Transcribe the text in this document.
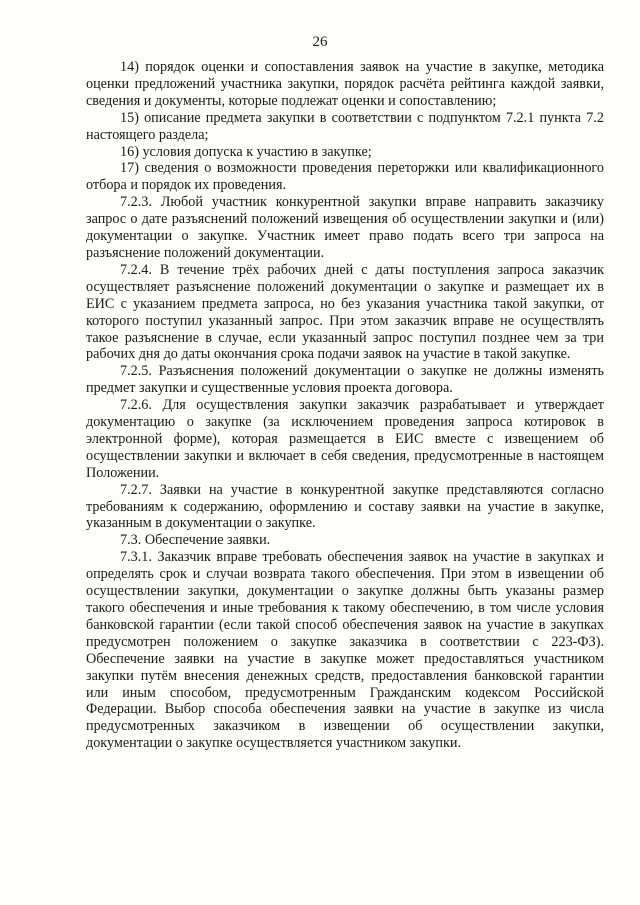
26

14) порядок оценки и сопоставления заявок на участие в закупке, методика оценки предложений участника закупки, порядок расчёта рейтинга каждой заявки, сведения и документы, которые подлежат оценки и сопоставлению;

15) описание предмета закупки в соответствии с подпунктом 7.2.1 пункта 7.2 настоящего раздела;

16) условия допуска к участию в закупке;

17) сведения о возможности проведения переторжки или квалификационного отбора и порядок их проведения.

7.2.3. Любой участник конкурентной закупки вправе направить заказчику запрос о дате разъяснений положений извещения об осуществлении закупки и (или) документации о закупке. Участник имеет право подать всего три запроса на разъяснение положений документации.

7.2.4. В течение трёх рабочих дней с даты поступления запроса заказчик осуществляет разъяснение положений документации о закупке и размещает их в ЕИС с указанием предмета запроса, но без указания участника такой закупки, от которого поступил указанный запрос. При этом заказчик вправе не осуществлять такое разъяснение в случае, если указанный запрос поступил позднее чем за три рабочих дня до даты окончания срока подачи заявок на участие в такой закупке.

7.2.5. Разъяснения положений документации о закупке не должны изменять предмет закупки и существенные условия проекта договора.

7.2.6. Для осуществления закупки заказчик разрабатывает и утверждает документацию о закупке (за исключением проведения запроса котировок в электронной форме), которая размещается в ЕИС вместе с извещением об осуществлении закупки и включает в себя сведения, предусмотренные в настоящем Положении.

7.2.7. Заявки на участие в конкурентной закупке представляются согласно требованиям к содержанию, оформлению и составу заявки на участие в закупке, указанным в документации о закупке.

7.3. Обеспечение заявки.

7.3.1. Заказчик вправе требовать обеспечения заявок на участие в закупках и определять срок и случаи возврата такого обеспечения. При этом в извещении об осуществлении закупки, документации о закупке должны быть указаны размер такого обеспечения и иные требования к такому обеспечению, в том числе условия банковской гарантии (если такой способ обеспечения заявок на участие в закупках предусмотрен положением о закупке заказчика в соответствии с 223-ФЗ). Обеспечение заявки на участие в закупке может предоставляться участником закупки путём внесения денежных средств, предоставления банковской гарантии или иным способом, предусмотренным Гражданским кодексом Российской Федерации. Выбор способа обеспечения заявки на участие в закупке из числа предусмотренных заказчиком в извещении об осуществлении закупки, документации о закупке осуществляется участником закупки.
